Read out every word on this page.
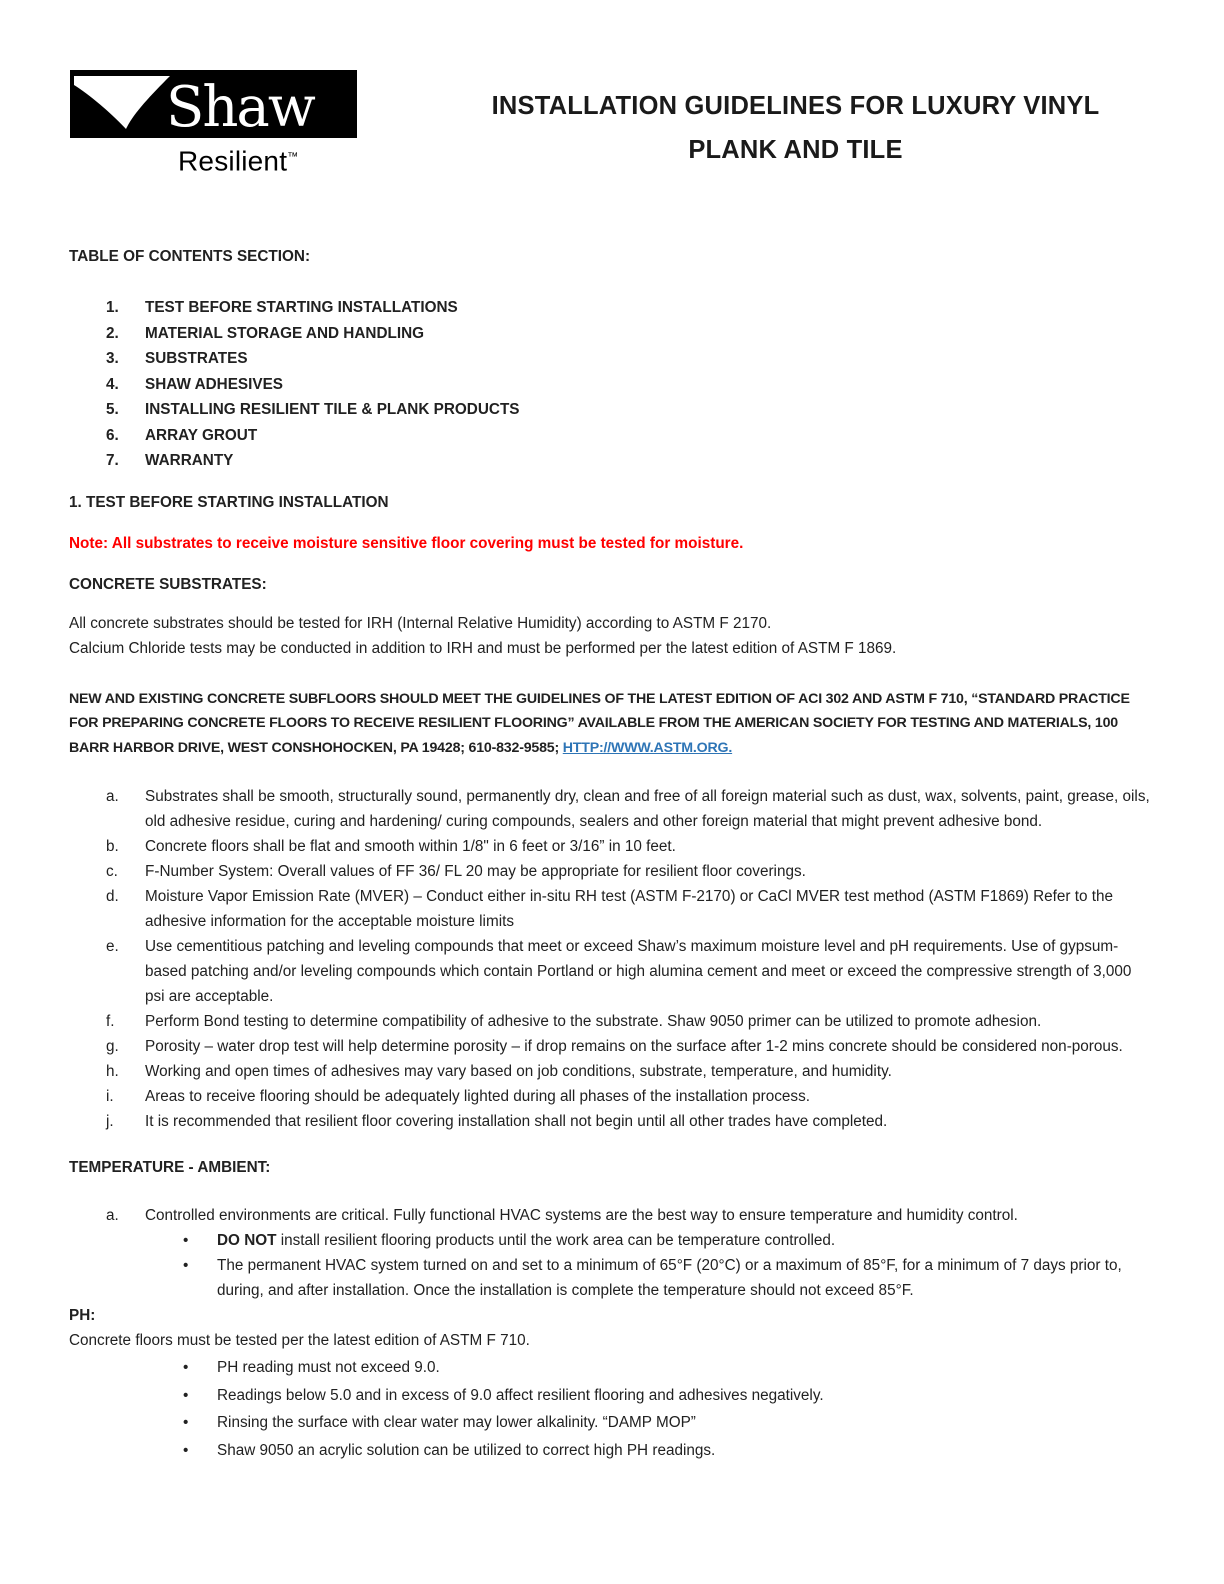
Shaw
Resilient™
INSTALLATION GUIDELINES FOR LUXURY VINYL
PLANK AND TILE
TABLE OF CONTENTS SECTION:
1.	TEST BEFORE STARTING INSTALLATIONS
2.	MATERIAL STORAGE AND HANDLING
3.	SUBSTRATES
4.	SHAW ADHESIVES
5.	INSTALLING RESILIENT TILE & PLANK PRODUCTS
6.	ARRAY GROUT
7.	WARRANTY
1. TEST BEFORE STARTING INSTALLATION
Note: All substrates to receive moisture sensitive floor covering must be tested for moisture.
CONCRETE SUBSTRATES:
All concrete substrates should be tested for IRH (Internal Relative Humidity) according to ASTM F 2170.
Calcium Chloride tests may be conducted in addition to IRH and must be performed per the latest edition of ASTM F 1869.
NEW AND EXISTING CONCRETE SUBFLOORS SHOULD MEET THE GUIDELINES OF THE LATEST EDITION OF ACI 302 AND ASTM F 710, “STANDARD PRACTICE FOR PREPARING CONCRETE FLOORS TO RECEIVE RESILIENT FLOORING” AVAILABLE FROM THE AMERICAN SOCIETY FOR TESTING AND MATERIALS, 100 BARR HARBOR DRIVE, WEST CONSHOHOCKEN, PA 19428; 610-832-9585; HTTP://WWW.ASTM.ORG.
a.	Substrates shall be smooth, structurally sound, permanently dry, clean and free of all foreign material such as dust, wax, solvents, paint, grease, oils, old adhesive residue, curing and hardening/ curing compounds, sealers and other foreign material that might prevent adhesive bond.
b.	Concrete floors shall be flat and smooth within 1/8" in 6 feet or 3/16” in 10 feet.
c.	F-Number System: Overall values of FF 36/ FL 20 may be appropriate for resilient floor coverings.
d.	Moisture Vapor Emission Rate (MVER) – Conduct either in-situ RH test (ASTM F-2170) or CaCl MVER test method (ASTM F1869) Refer to the adhesive information for the acceptable moisture limits
e.	Use cementitious patching and leveling compounds that meet or exceed Shaw’s maximum moisture level and pH requirements. Use of gypsum-based patching and/or leveling compounds which contain Portland or high alumina cement and meet or exceed the compressive strength of 3,000 psi are acceptable.
f.	Perform Bond testing to determine compatibility of adhesive to the substrate. Shaw 9050 primer can be utilized to promote adhesion.
g.	Porosity – water drop test will help determine porosity – if drop remains on the surface after 1-2 mins concrete should be considered non-porous.
h.	Working and open times of adhesives may vary based on job conditions, substrate, temperature, and humidity.
i.	Areas to receive flooring should be adequately lighted during all phases of the installation process.
j.	It is recommended that resilient floor covering installation shall not begin until all other trades have completed.
TEMPERATURE - AMBIENT:
a.	Controlled environments are critical. Fully functional HVAC systems are the best way to ensure temperature and humidity control.
•
DO NOT install resilient flooring products until the work area can be temperature controlled.
•
The permanent HVAC system turned on and set to a minimum of 65°F (20°C) or a maximum of 85°F, for a minimum of 7 days prior to, during, and after installation. Once the installation is complete the temperature should not exceed 85°F.
PH:
Concrete floors must be tested per the latest edition of ASTM F 710.
•
PH reading must not exceed 9.0.
•
Readings below 5.0 and in excess of 9.0 affect resilient flooring and adhesives negatively.
•
Rinsing the surface with clear water may lower alkalinity. “DAMP MOP”
•
Shaw 9050 an acrylic solution can be utilized to correct high PH readings.
